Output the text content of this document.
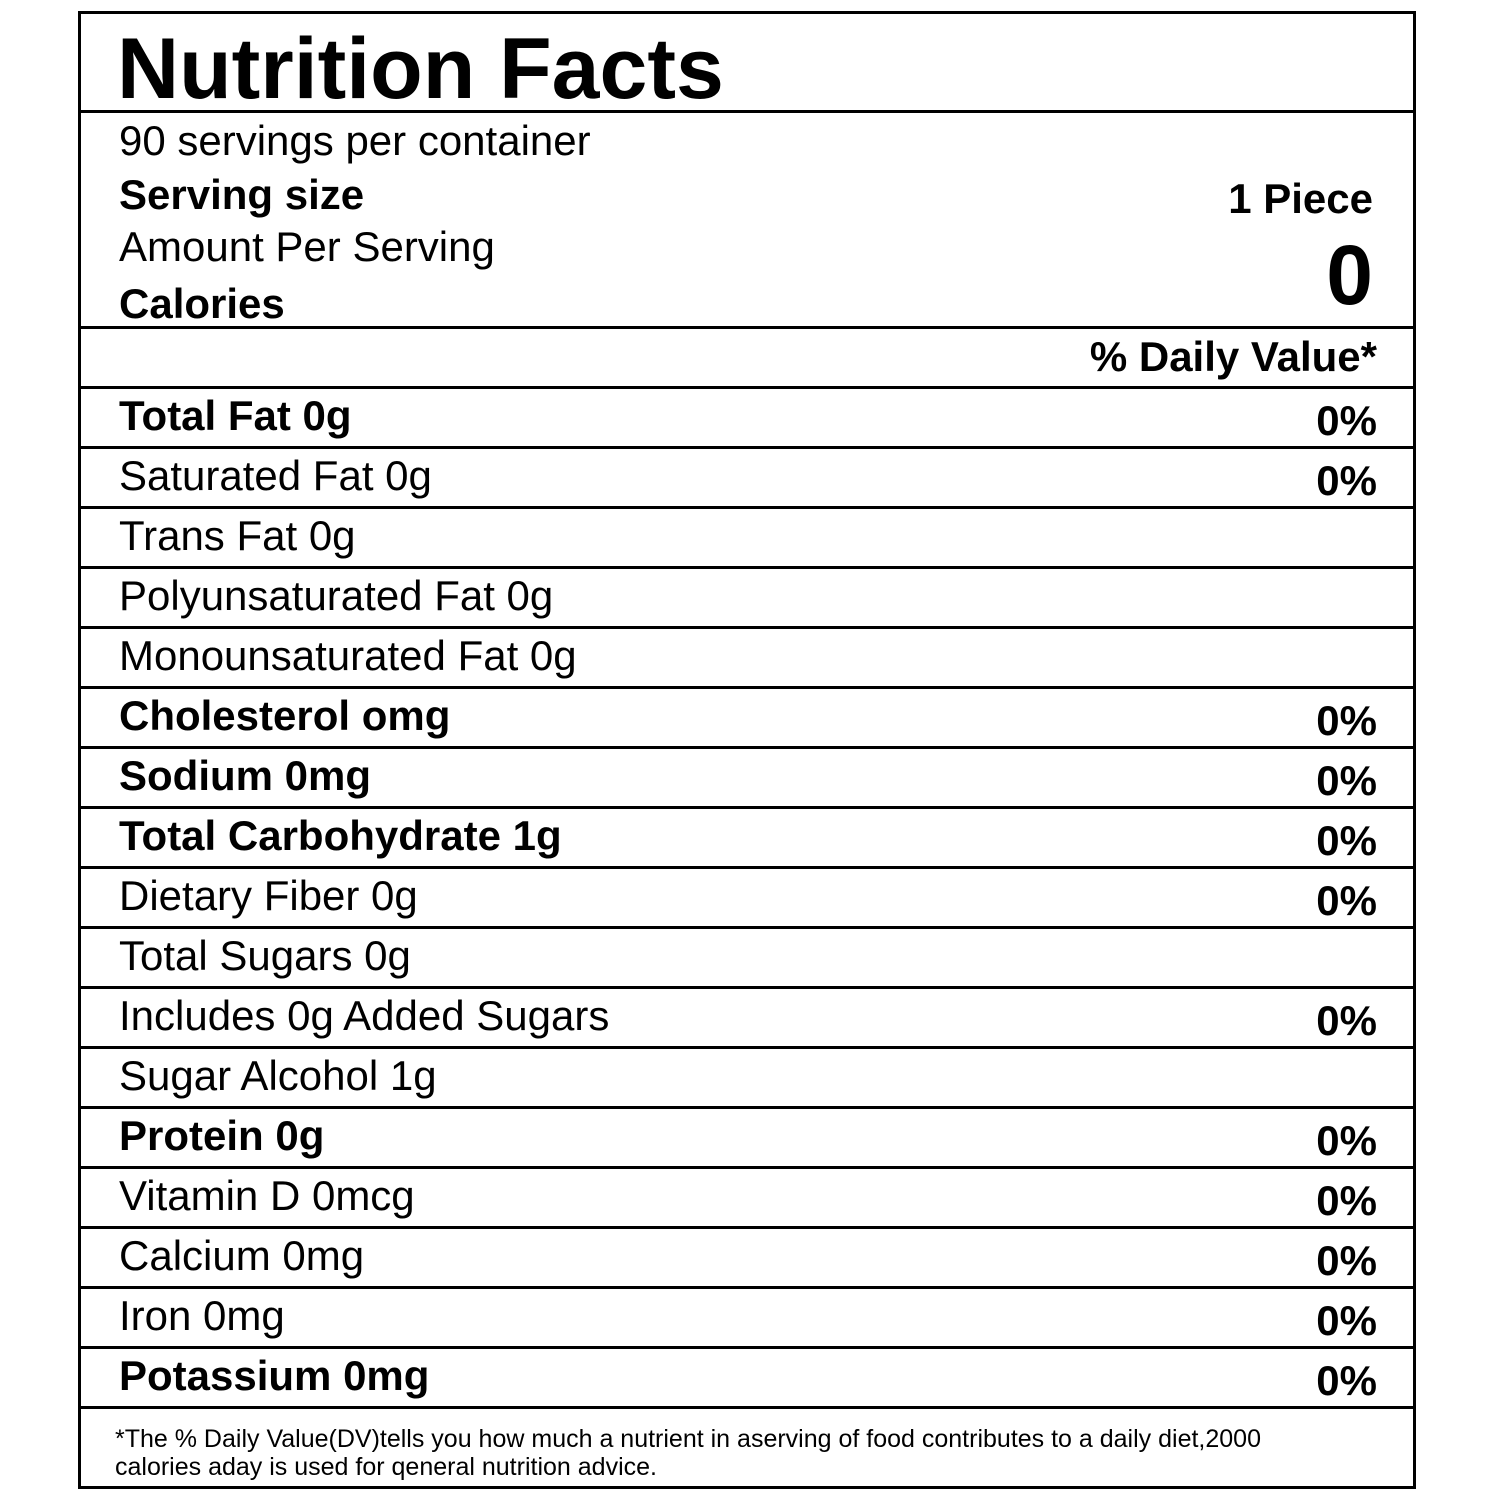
Nutrition Facts
90 servings per container
Serving size	1 Piece
Amount Per Serving
Calories	0
% Daily Value*
Total Fat 0g	0%
Saturated Fat 0g	0%
Trans Fat 0g
Polyunsaturated Fat 0g
Monounsaturated Fat 0g
Cholesterol omg	0%
Sodium 0mg	0%
Total Carbohydrate 1g	0%
Dietary Fiber 0g	0%
Total Sugars 0g
Includes 0g Added Sugars	0%
Sugar Alcohol 1g
Protein 0g	0%
Vitamin D 0mcg	0%
Calcium 0mg	0%
Iron 0mg	0%
Potassium 0mg	0%
*The % Daily Value(DV)tells you how much a nutrient in aserving of food contributes to a daily diet,2000 calories aday is used for qeneral nutrition advice.
